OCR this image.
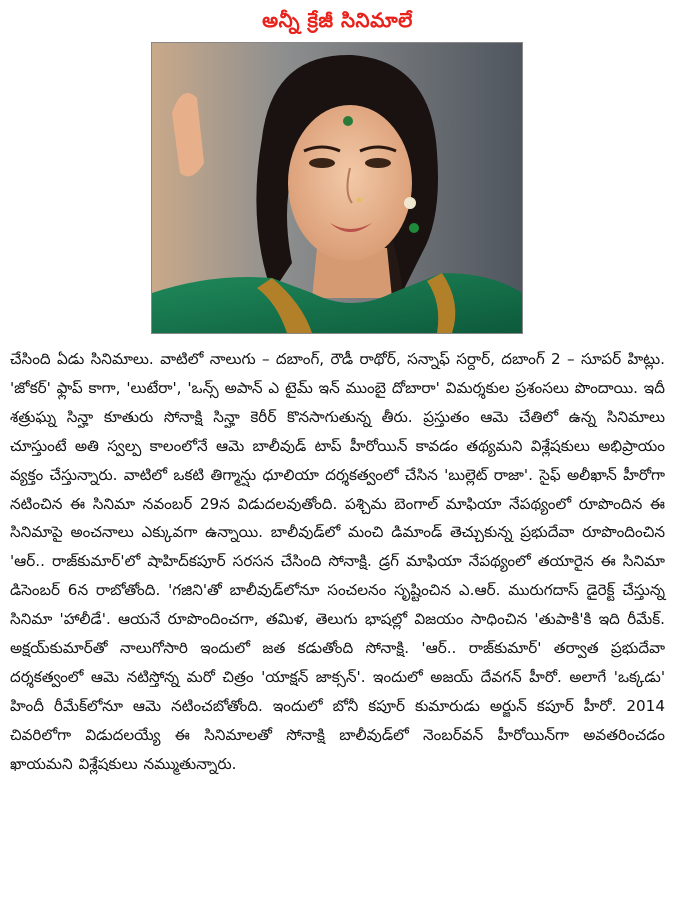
అన్నీ క్రేజీ సినిమాలే

చేసింది ఏడు సినిమాలు. వాటిలో నాలుగు – దబాంగ్, రౌడీ రాథోర్, సన్నాఫ్ సర్దార్, దబాంగ్ 2 – సూపర్ హిట్లు. 'జోకర్' ఫ్లాప్ కాగా, 'లుటేరా', 'ఒన్స్ అపాన్ ఎ టైమ్ ఇన్ ముంబై దోబారా' విమర్శకుల ప్రశంసలు పొందాయి. ఇదీ శత్రుఘ్న సిన్హా కూతురు సోనాక్షి సిన్హా కెరీర్ కొనసాగుతున్న తీరు. ప్రస్తుతం ఆమె చేతిలో ఉన్న సినిమాలు చూస్తుంటే అతి స్వల్ప కాలంలోనే ఆమె బాలీవుడ్ టాప్ హీరోయిన్ కావడం తథ్యమని విశ్లేషకులు అభిప్రాయం వ్యక్తం చేస్తున్నారు. వాటిలో ఒకటి తిగ్మాన్షు ధూలియా దర్శకత్వంలో చేసిన 'బుల్లెట్ రాజా'. సైఫ్ అలీఖాన్ హీరోగా నటించిన ఈ సినిమా నవంబర్ 29న విడుదలవుతోంది. పశ్చిమ బెంగాల్ మాఫియా నేపథ్యంలో రూపొందిన ఈ సినిమాపై అంచనాలు ఎక్కువగా ఉన్నాయి. బాలీవుడ్‌లో మంచి డిమాండ్ తెచ్చుకున్న ప్రభుదేవా రూపొందించిన 'ఆర్.. రాజ్‌కుమార్'లో షాహిద్‌కపూర్ సరసన చేసింది సోనాక్షి. డ్రగ్ మాఫియా నేపథ్యంలో తయారైన ఈ సినిమా డిసెంబర్ 6న రాబోతోంది. 'గజిని'తో బాలీవుడ్‌లోనూ సంచలనం సృష్టించిన ఎ.ఆర్. మురుగదాస్ డైరెక్ట్ చేస్తున్న సినిమా 'హాలీడే'. ఆయనే రూపొందించగా, తమిళ, తెలుగు భాషల్లో విజయం సాధించిన 'తుపాకి'కి ఇది రీమేక్. అక్షయ్‌కుమార్‌తో నాలుగోసారి ఇందులో జత కడుతోంది సోనాక్షి. 'ఆర్.. రాజ్‌కుమార్' తర్వాత ప్రభుదేవా దర్శకత్వంలో ఆమె నటిస్తోన్న మరో చిత్రం 'యాక్షన్ జాక్సన్'. ఇందులో అజయ్ దేవగన్ హీరో. అలాగే 'ఒక్కడు' హిందీ రీమేక్‌లోనూ ఆమె నటించబోతోంది. ఇందులో బోనీ కపూర్ కుమారుడు అర్జున్ కపూర్ హీరో. 2014 చివరిలోగా విడుదలయ్యే ఈ సినిమాలతో సోనాక్షి బాలీవుడ్‌లో నెంబర్‌వన్ హీరోయిన్‌గా అవతరించడం ఖాయమని విశ్లేషకులు నమ్ముతున్నారు.
